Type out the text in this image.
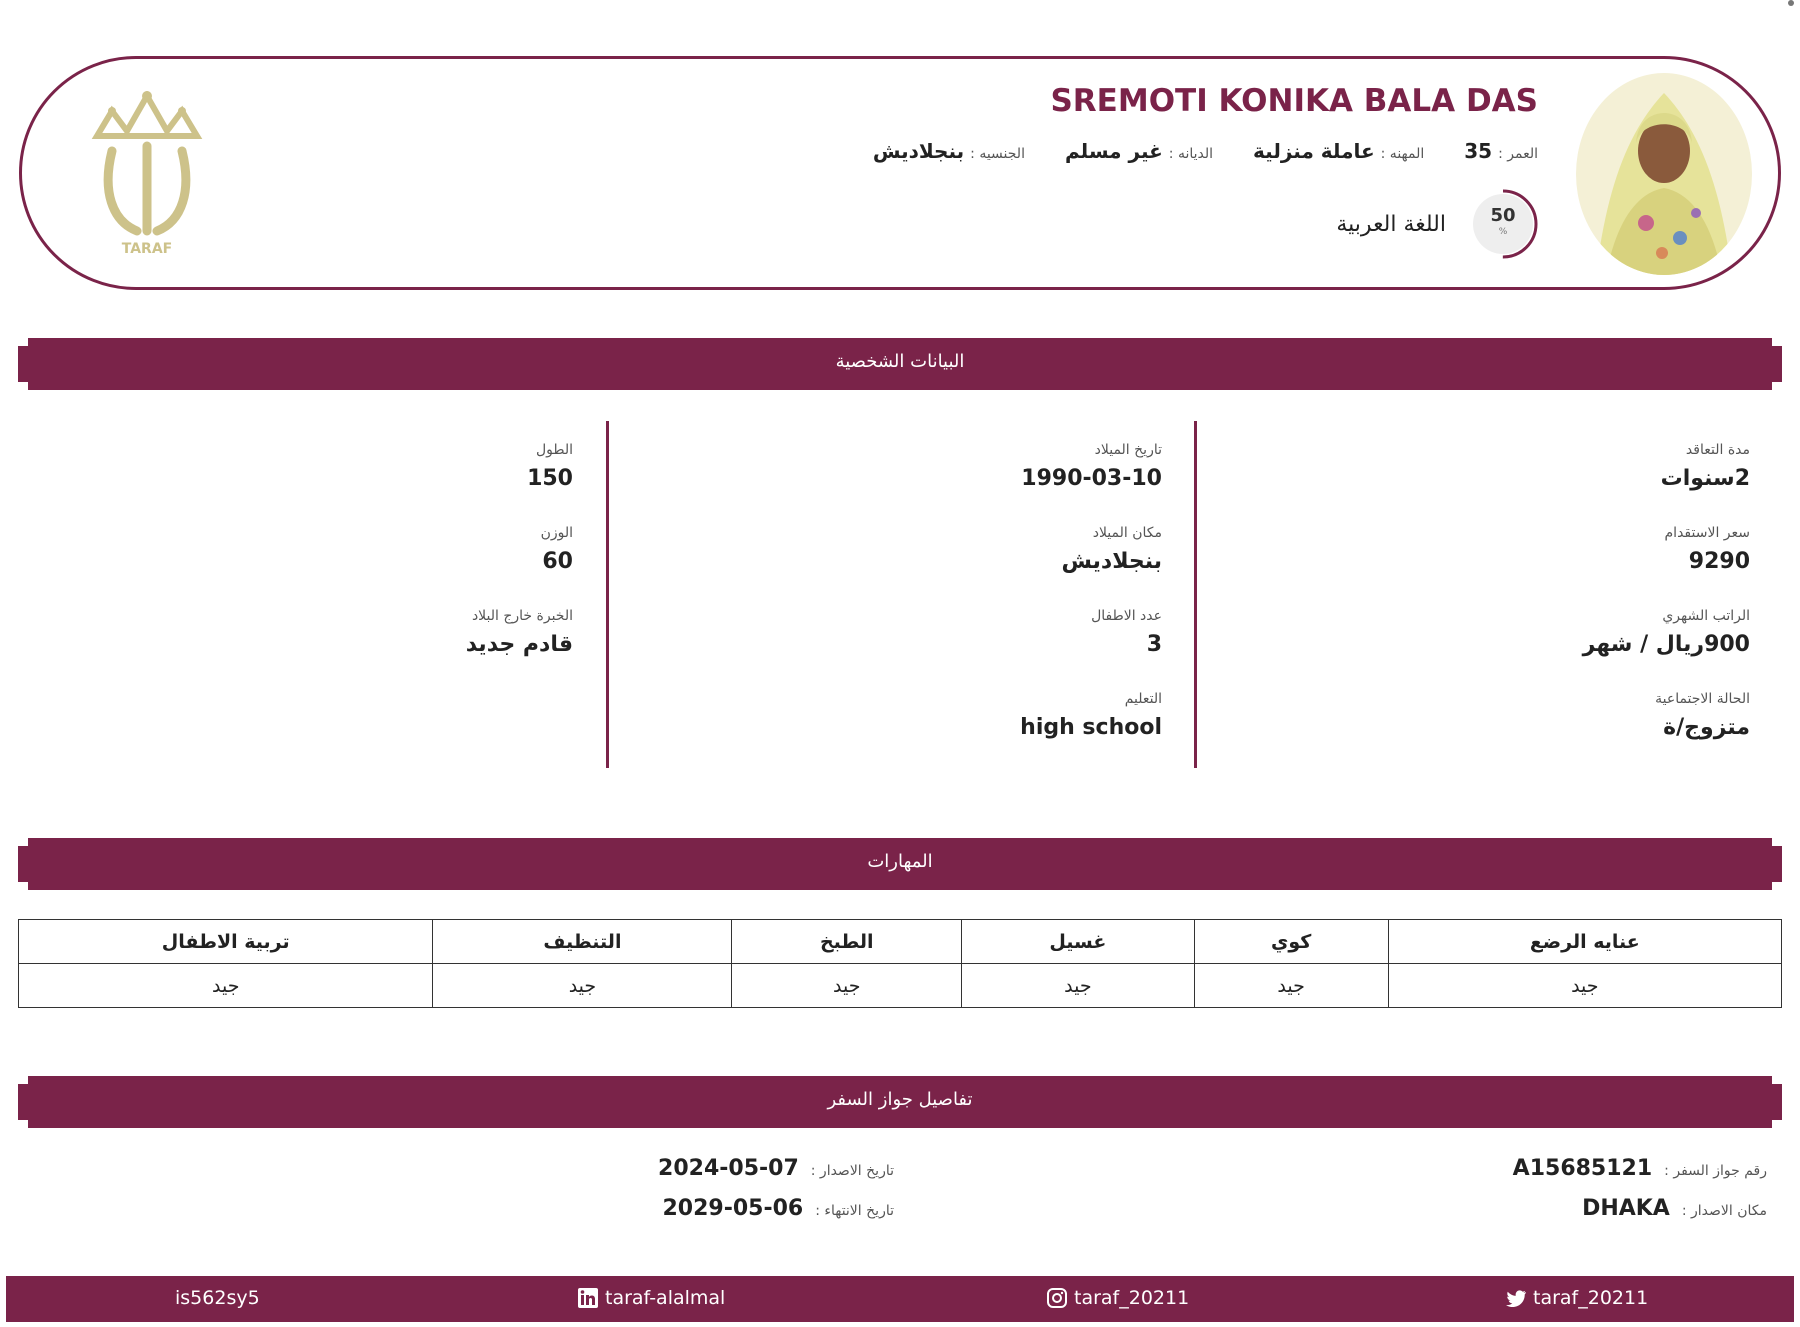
SREMOTI KONIKA BALA DAS
الجنسيه :
بنجلاديش	الديانه :
غير مسلم	المهنه :
عاملة منزلية	العمر :
35
50
%
اللغة العربية
TARAF
البيانات الشخصية
مدة التعاقد
2سنوات
سعر الاستقدام
9290
الراتب الشهري
900ريال / شهر
الحالة الاجتماعية
متزوج/ة
تاريخ الميلاد
1990-03-10
مكان الميلاد
بنجلاديش
عدد الاطفال
3
التعليم
high school
الطول
150
الوزن
60
الخبرة خارج البلاد
قادم جديد
المهارات
عنايه الرضع	كوي	غسيل	الطبخ	التنظيف	تربية الاطفال
جيد	جيد	جيد	جيد	جيد	جيد
تفاصيل جواز السفر
رقم جواز السفر :
A15685121
مكان الاصدار :
DHAKA
تاريخ الاصدار :
2024-05-07
تاريخ الانتهاء :
2029-05-06
is562sy5	taraf-alalmal	taraf_20211	taraf_20211
